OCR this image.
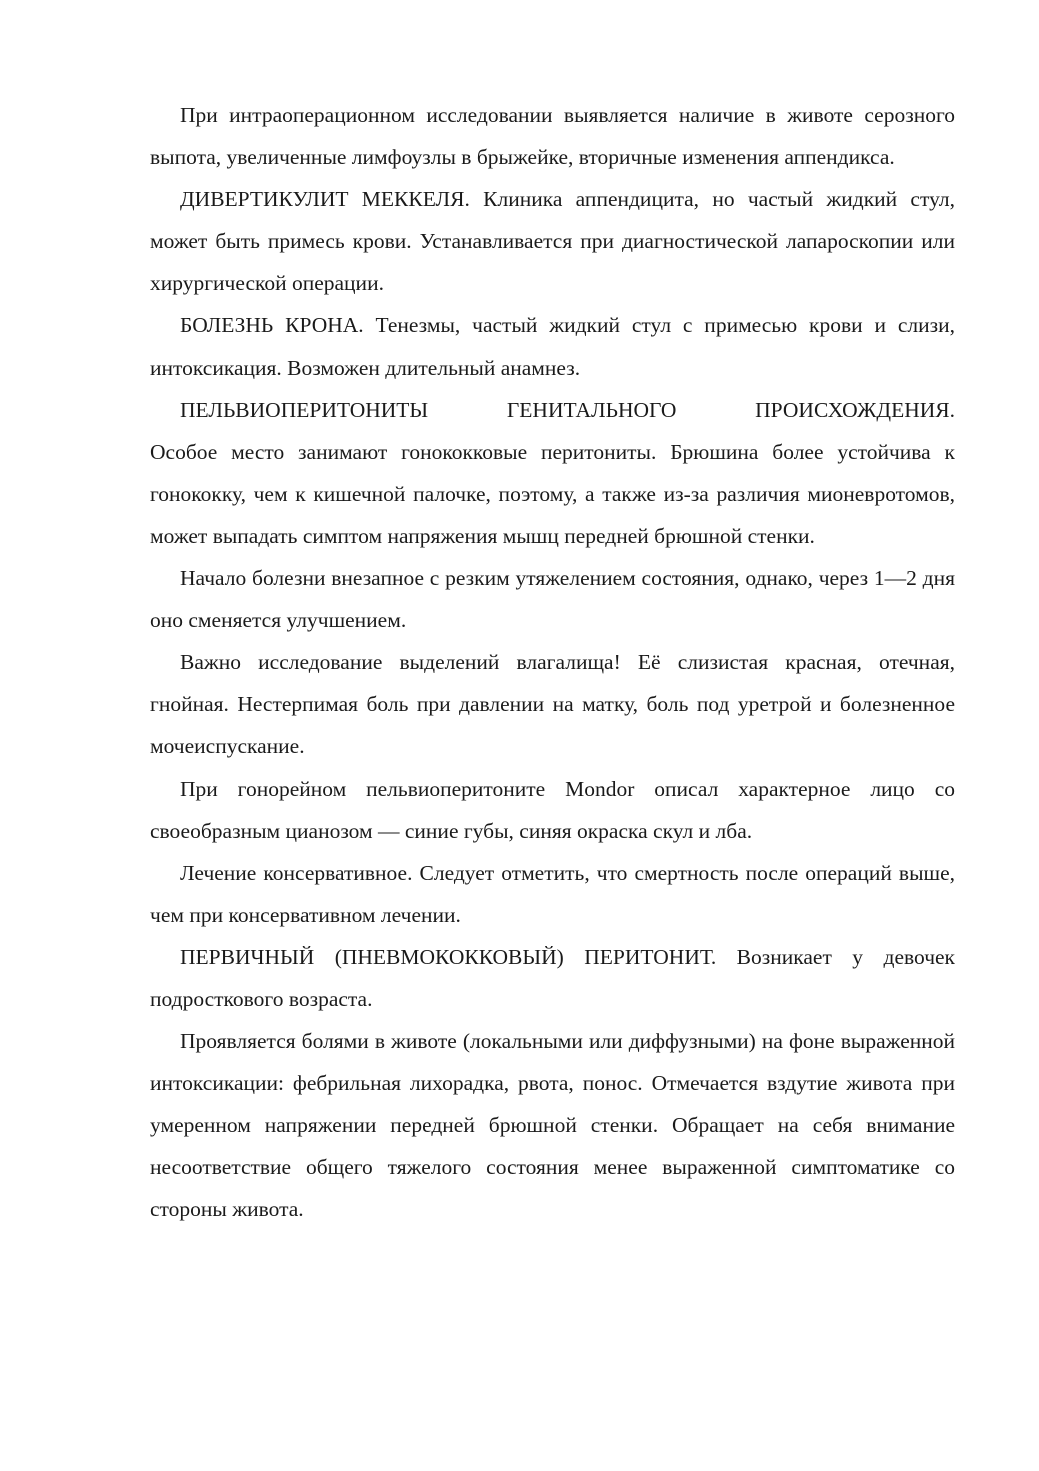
При интраоперационном исследовании выявляется наличие в животе серозного выпота, увеличенные лимфоузлы в брыжейке, вторичные изменения аппендикса.

ДИВЕРТИКУЛИТ МЕККЕЛЯ. Клиника аппендицита, но частый жидкий стул, может быть примесь крови. Устанавливается при диагностической лапароскопии или хирургической операции.

БОЛЕЗНЬ КРОНА. Тенезмы, частый жидкий стул с примесью крови и слизи, интоксикация. Возможен длительный анамнез.

ПЕЛЬВИОПЕРИТОНИТЫ ГЕНИТАЛЬНОГО ПРОИСХОЖДЕНИЯ.
Особое место занимают гонококковые перитониты. Брюшина более устойчива к гонококку, чем к кишечной палочке, поэтому, а также из-за различия мионевротомов, может выпадать симптом напряжения мышц передней брюшной стенки.

Начало болезни внезапное с резким утяжелением состояния, однако, через 1—2 дня оно сменяется улучшением.

Важно исследование выделений влагалища! Её слизистая красная, отечная, гнойная. Нестерпимая боль при давлении на матку, боль под уретрой и болезненное мочеиспускание.

При гонорейном пельвиоперитоните Mondor описал характерное лицо со своеобразным цианозом — синие губы, синяя окраска скул и лба.

Лечение консервативное. Следует отметить, что смертность после операций выше, чем при консервативном лечении.

ПЕРВИЧНЫЙ (ПНЕВМОКОККОВЫЙ) ПЕРИТОНИТ. Возникает у девочек подросткового возраста.

Проявляется болями в животе (локальными или диффузными) на фоне выраженной интоксикации: фебрильная лихорадка, рвота, понос. Отмечается вздутие живота при умеренном напряжении передней брюшной стенки. Обращает на себя внимание несоответствие общего тяжелого состояния менее выраженной симптоматике со стороны живота.
